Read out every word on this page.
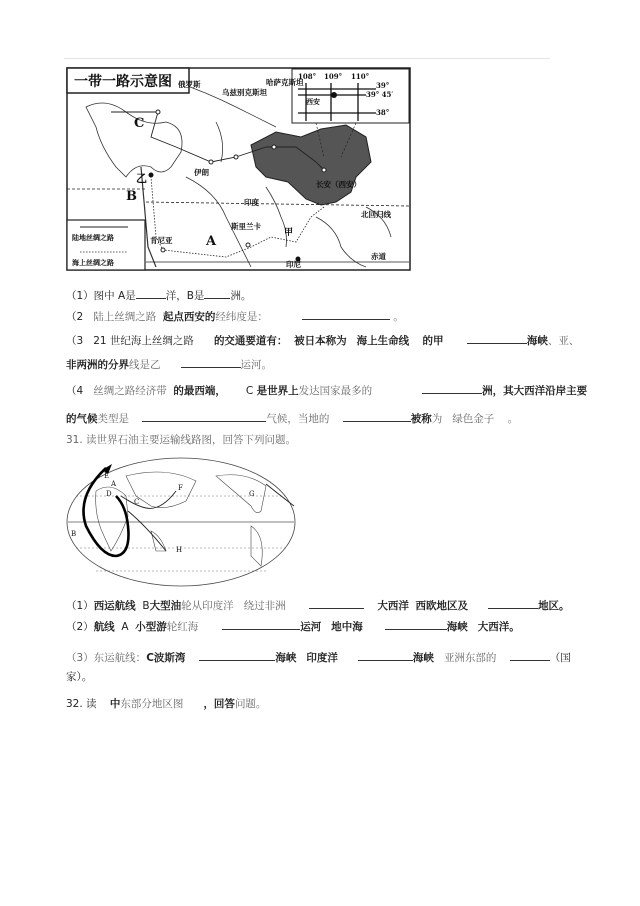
108° 109° 110°
39°
39° 45′
38°
西安
一带一路示意图
陆地丝绸之路
海上丝绸之路
C
B
A
乙
甲
俄罗斯
乌兹别克斯坦
哈萨克斯坦
伊朗
印度
斯里兰卡
肯尼亚
印尼
长安（西安）
北回归线
赤道
（1）图中 A是	洋，B是 洲。
（2 陆上丝绸之路 起点西安的经纬度是：	。
（3 21 世纪海上丝绸之路 的交通要道有： 被日本称为 海上生命线 的甲	海峡、亚、
非两洲的分界线是乙	运河。
（4 丝绸之路经济带 的最西端， C 是世界上发达国家最多的	洲，其大西洋沿岸主要
的气候类型是	气候，当地的	被称为 绿色金子 。
31. 读世界石油主要运输线路图，回答下列问题。
A
B
C
D
E
F
G
H
（1）西运航线 B大型油轮从印度洋 绕过非洲	大西洋 西欧地区及	地区。
（2）航线 A 小型游轮红海	运河 地中海	海峡 大西洋。
（3）东运航线：C波斯湾	海峡 印度洋	海峡 亚洲东部的	（国
家）。
32. 读 中东部分地区图 ，回答问题。
